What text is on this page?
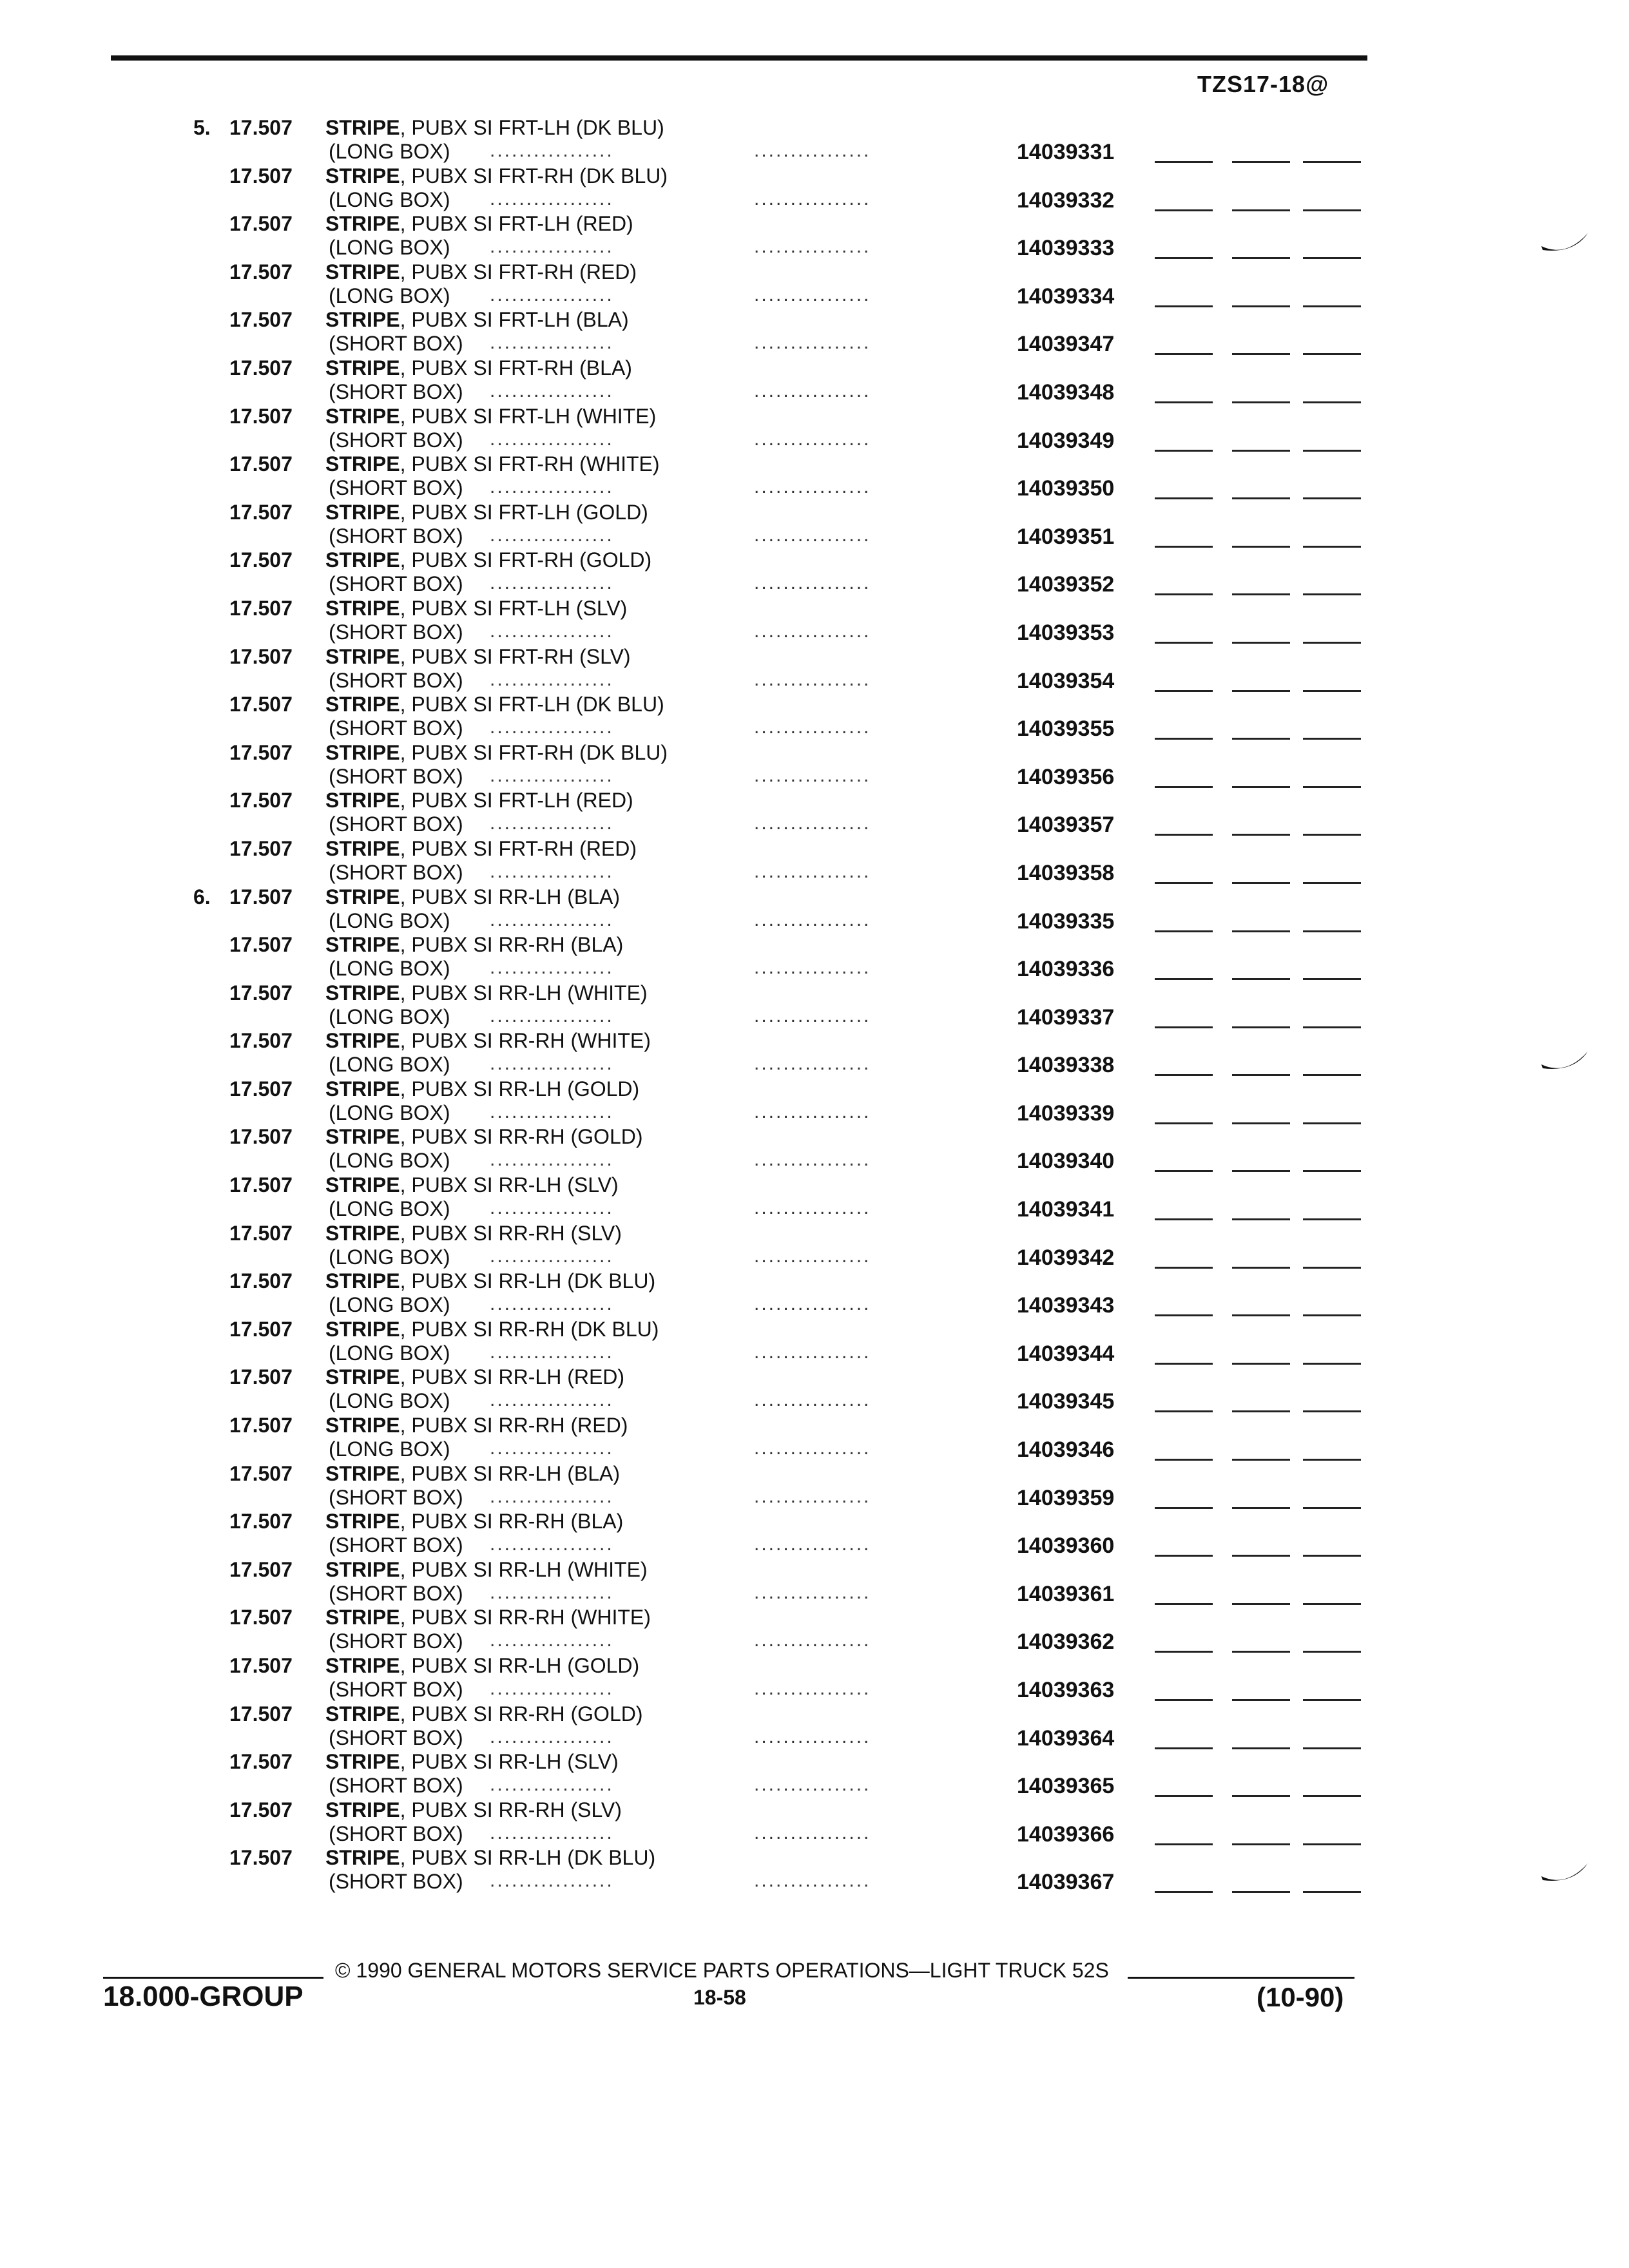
TZS17-18@
5. 17.507 STRIPE, PUBX SI FRT-LH (DK BLU)
(LONG BOX) .................	................	14039331
17.507 STRIPE, PUBX SI FRT-RH (DK BLU)
(LONG BOX) .................	................	14039332
17.507 STRIPE, PUBX SI FRT-LH (RED)
(LONG BOX) .................	................	14039333
17.507 STRIPE, PUBX SI FRT-RH (RED)
(LONG BOX) .................	................	14039334
17.507 STRIPE, PUBX SI FRT-LH (BLA)
(SHORT BOX) .................	................	14039347
17.507 STRIPE, PUBX SI FRT-RH (BLA)
(SHORT BOX) .................	................	14039348
17.507 STRIPE, PUBX SI FRT-LH (WHITE)
(SHORT BOX) .................	................	14039349
17.507 STRIPE, PUBX SI FRT-RH (WHITE)
(SHORT BOX) .................	................	14039350
17.507 STRIPE, PUBX SI FRT-LH (GOLD)
(SHORT BOX) .................	................	14039351
17.507 STRIPE, PUBX SI FRT-RH (GOLD)
(SHORT BOX) .................	................	14039352
17.507 STRIPE, PUBX SI FRT-LH (SLV)
(SHORT BOX) .................	................	14039353
17.507 STRIPE, PUBX SI FRT-RH (SLV)
(SHORT BOX) .................	................	14039354
17.507 STRIPE, PUBX SI FRT-LH (DK BLU)
(SHORT BOX) .................	................	14039355
17.507 STRIPE, PUBX SI FRT-RH (DK BLU)
(SHORT BOX) .................	................	14039356
17.507 STRIPE, PUBX SI FRT-LH (RED)
(SHORT BOX) .................	................	14039357
17.507 STRIPE, PUBX SI FRT-RH (RED)
(SHORT BOX) .................	................	14039358
6. 17.507 STRIPE, PUBX SI RR-LH (BLA)
(LONG BOX) .................	................	14039335
17.507 STRIPE, PUBX SI RR-RH (BLA)
(LONG BOX) .................	................	14039336
17.507 STRIPE, PUBX SI RR-LH (WHITE)
(LONG BOX) .................	................	14039337
17.507 STRIPE, PUBX SI RR-RH (WHITE)
(LONG BOX) .................	................	14039338
17.507 STRIPE, PUBX SI RR-LH (GOLD)
(LONG BOX) .................	................	14039339
17.507 STRIPE, PUBX SI RR-RH (GOLD)
(LONG BOX) .................	................	14039340
17.507 STRIPE, PUBX SI RR-LH (SLV)
(LONG BOX) .................	................	14039341
17.507 STRIPE, PUBX SI RR-RH (SLV)
(LONG BOX) .................	................	14039342
17.507 STRIPE, PUBX SI RR-LH (DK BLU)
(LONG BOX) .................	................	14039343
17.507 STRIPE, PUBX SI RR-RH (DK BLU)
(LONG BOX) .................	................	14039344
17.507 STRIPE, PUBX SI RR-LH (RED)
(LONG BOX) .................	................	14039345
17.507 STRIPE, PUBX SI RR-RH (RED)
(LONG BOX) .................	................	14039346
17.507 STRIPE, PUBX SI RR-LH (BLA)
(SHORT BOX) .................	................	14039359
17.507 STRIPE, PUBX SI RR-RH (BLA)
(SHORT BOX) .................	................	14039360
17.507 STRIPE, PUBX SI RR-LH (WHITE)
(SHORT BOX) .................	................	14039361
17.507 STRIPE, PUBX SI RR-RH (WHITE)
(SHORT BOX) .................	................	14039362
17.507 STRIPE, PUBX SI RR-LH (GOLD)
(SHORT BOX) .................	................	14039363
17.507 STRIPE, PUBX SI RR-RH (GOLD)
(SHORT BOX) .................	................	14039364
17.507 STRIPE, PUBX SI RR-LH (SLV)
(SHORT BOX) .................	................	14039365
17.507 STRIPE, PUBX SI RR-RH (SLV)
(SHORT BOX) .................	................	14039366
17.507 STRIPE, PUBX SI RR-LH (DK BLU)
(SHORT BOX) .................	................	14039367
© 1990 GENERAL MOTORS SERVICE PARTS OPERATIONS—LIGHT TRUCK 52S
18.000-GROUP	18-58	(10-90)
